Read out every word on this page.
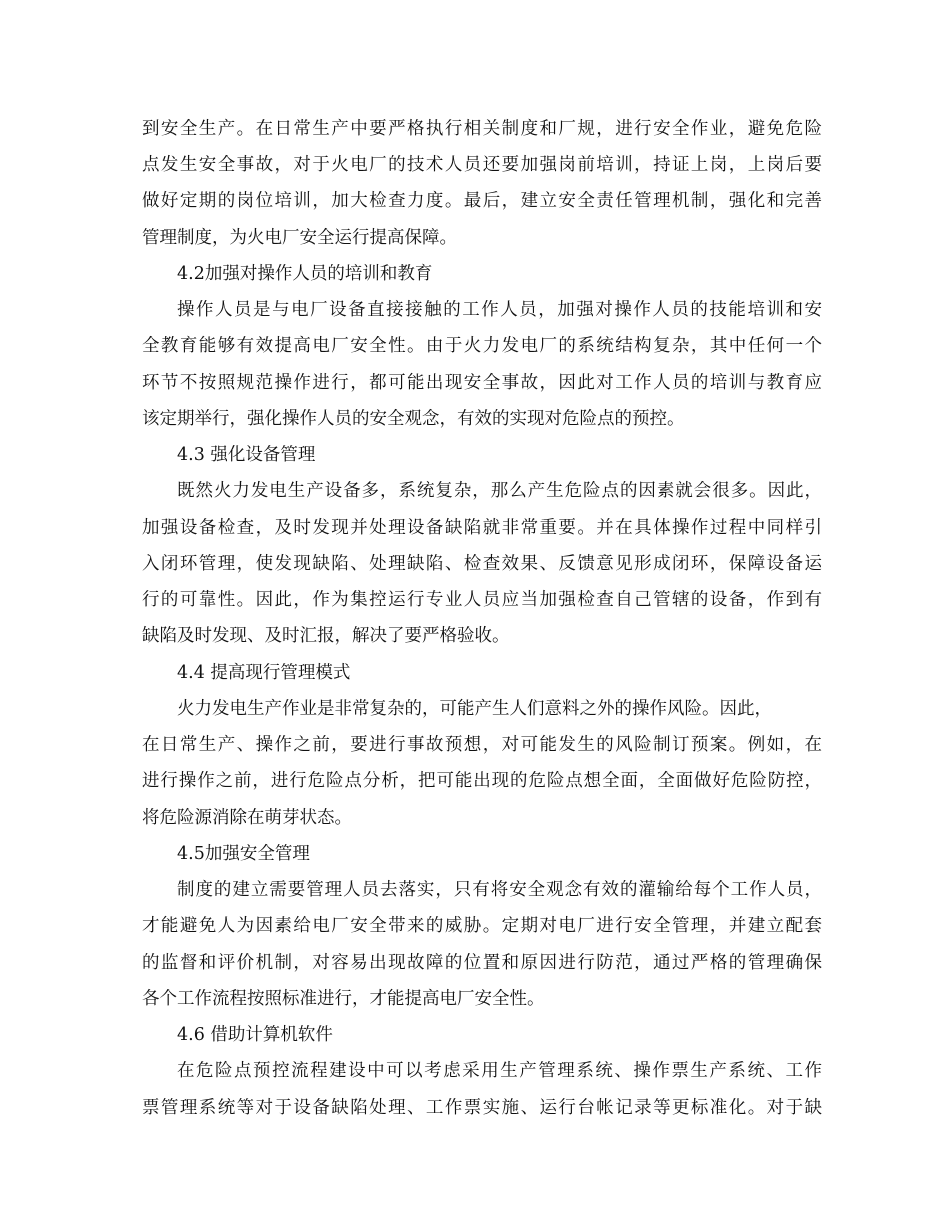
到安全生产。在日常生产中要严格执行相关制度和厂规，进行安全作业，避免危险
点发生安全事故，对于火电厂的技术人员还要加强岗前培训，持证上岗，上岗后要
做好定期的岗位培训，加大检查力度。最后，建立安全责任管理机制，强化和完善
管理制度，为火电厂安全运行提高保障。
4.2加强对操作人员的培训和教育
操作人员是与电厂设备直接接触的工作人员，加强对操作人员的技能培训和安
全教育能够有效提高电厂安全性。由于火力发电厂的系统结构复杂，其中任何一个
环节不按照规范操作进行，都可能出现安全事故，因此对工作人员的培训与教育应
该定期举行，强化操作人员的安全观念，有效的实现对危险点的预控。
4.3 强化设备管理
既然火力发电生产设备多，系统复杂，那么产生危险点的因素就会很多。因此，
加强设备检查，及时发现并处理设备缺陷就非常重要。并在具体操作过程中同样引
入闭环管理，使发现缺陷、处理缺陷、检查效果、反馈意见形成闭环，保障设备运
行的可靠性。因此，作为集控运行专业人员应当加强检查自己管辖的设备，作到有
缺陷及时发现、及时汇报，解决了要严格验收。
4.4 提高现行管理模式
火力发电生产作业是非常复杂的，可能产生人们意料之外的操作风险。因此，
在日常生产、操作之前，要进行事故预想，对可能发生的风险制订预案。例如，在
进行操作之前，进行危险点分析，把可能出现的危险点想全面，全面做好危险防控，
将危险源消除在萌芽状态。
4.5加强安全管理
制度的建立需要管理人员去落实，只有将安全观念有效的灌输给每个工作人员，
才能避免人为因素给电厂安全带来的威胁。定期对电厂进行安全管理，并建立配套
的监督和评价机制，对容易出现故障的位置和原因进行防范，通过严格的管理确保
各个工作流程按照标准进行，才能提高电厂安全性。
4.6 借助计算机软件
在危险点预控流程建设中可以考虑采用生产管理系统、操作票生产系统、工作
票管理系统等对于设备缺陷处理、工作票实施、运行台帐记录等更标准化。对于缺
